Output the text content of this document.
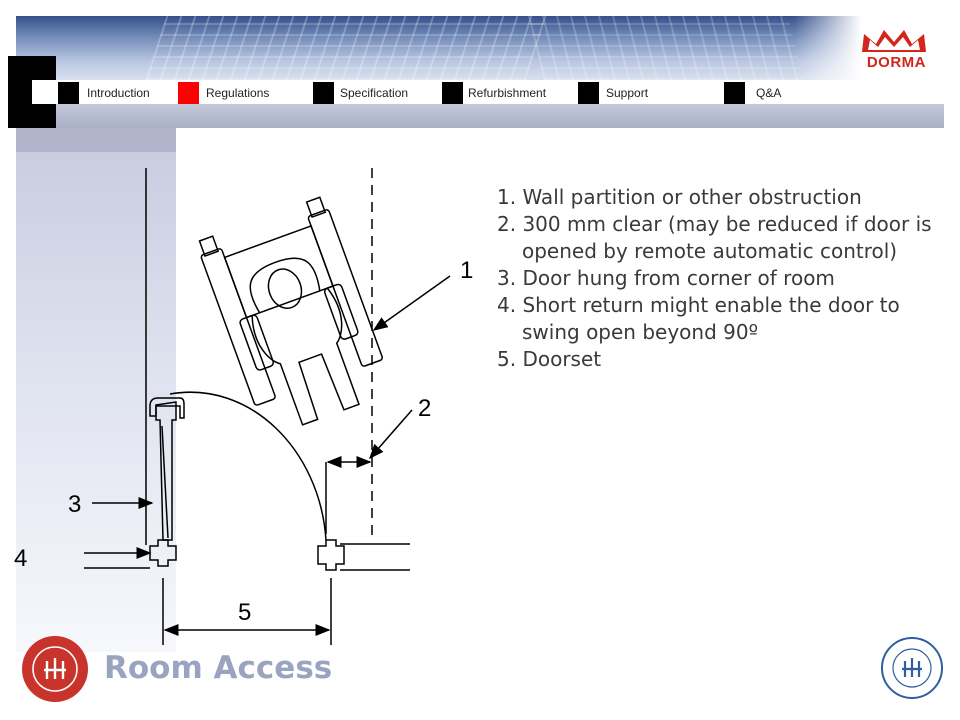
DORMA
Introduction	Regulations	Specification	Refurbishment	Support	Q&A
1
2
3
4
5
1. Wall partition or other obstruction
2. 300 mm clear (may be reduced if door is opened by remote automatic control)
3. Door hung from corner of room
4. Short return might enable the door to swing open beyond 90º
5. Doorset
Room Access
